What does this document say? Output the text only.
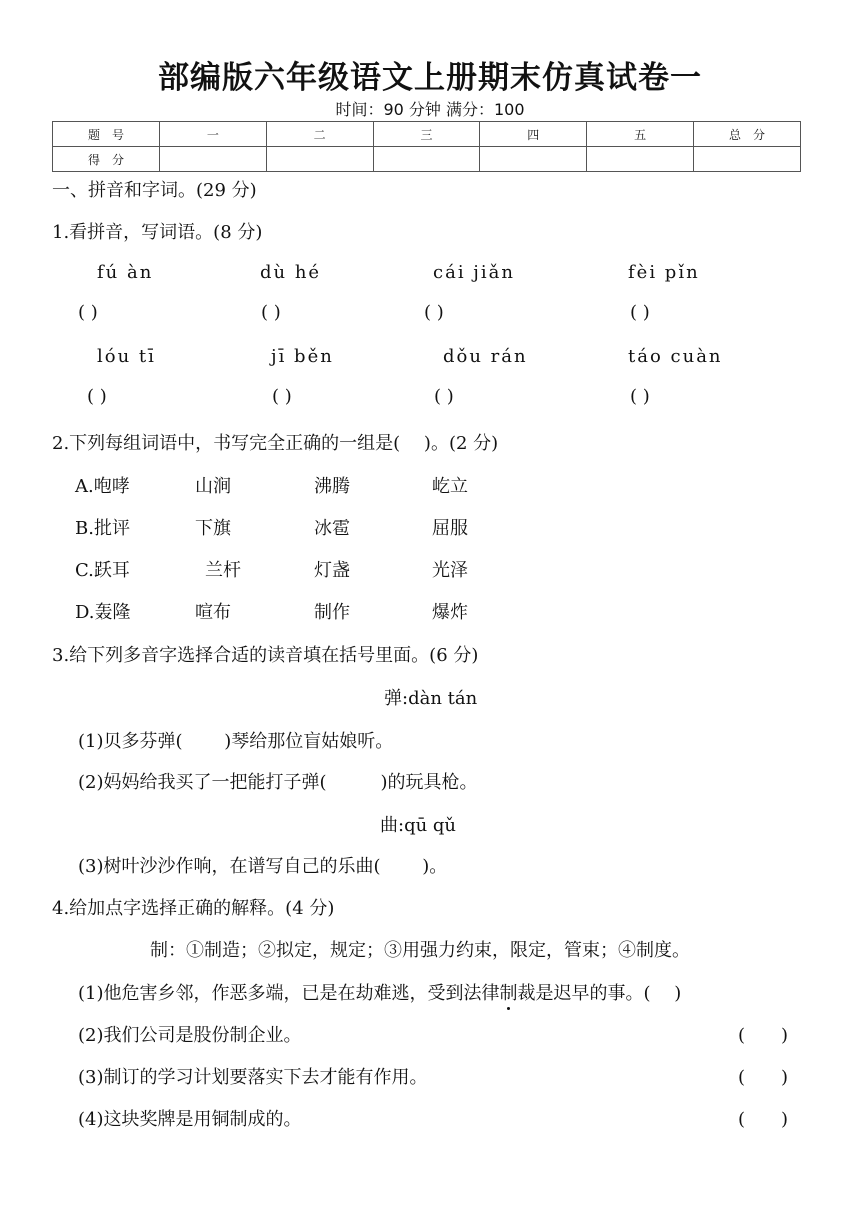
部编版六年级语文上册期末仿真试卷一
时间：90 分钟 满分：100
题　号	一	二	三	四	五	总　分
得　分						
一、拼音和字词。(29 分)
1.看拼音，写词语。(8 分)
fú àn	dù hé	cái jiǎn	fèi pǐn
( )	( )	( )	( )
lóu tī	jī běn	dǒu rán	táo cuàn
( )	( )	( )	( )
2.下列每组词语中，书写完全正确的一组是(　 )。(2 分)
A.咆哮	山涧	沸腾	屹立
B.批评	下旗	冰雹	屈服
C.跃耳	兰杆	灯盏	光泽
D.轰隆	喧布	制作	爆炸
3.给下列多音字选择合适的读音填在括号里面。(6 分)
弹:dàn tán
(1)贝多芬弹(　　 )琴给那位盲姑娘听。
(2)妈妈给我买了一把能打子弹(　　　)的玩具枪。
曲:qū qǔ
(3)树叶沙沙作响，在谱写自己的乐曲(　　 )。
4.给加点字选择正确的解释。(4 分)
制：①制造；②拟定，规定；③用强力约束，限定，管束；④制度。
(1)他危害乡邻，作恶多端，已是在劫难逃，受到法律制裁是迟早的事。(　 )
(2)我们公司是股份制企业。	(　　)
(3)制订的学习计划要落实下去才能有作用。	(　　)
(4)这块奖牌是用铜制成的。	(　　)
